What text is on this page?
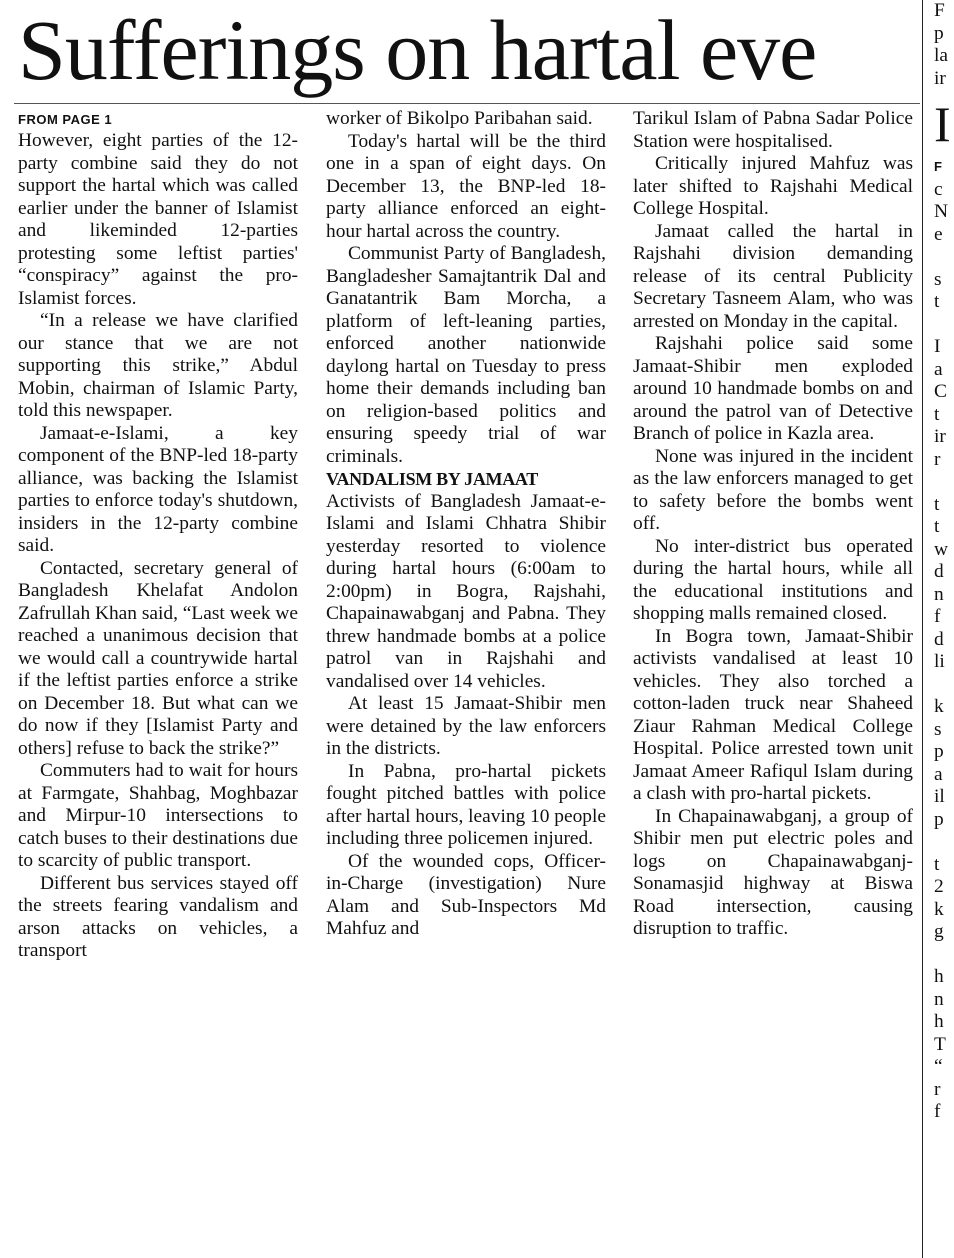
Sufferings on hartal eve
FROM PAGE 1

However, eight parties of the 12-party combine said they do not support the hartal which was called earlier under the banner of Islamist and likeminded 12-parties protesting some leftist parties' “conspiracy” against the pro-Islamist forces.

“In a release we have clarified our stance that we are not supporting this strike,” Abdul Mobin, chairman of Islamic Party, told this newspaper.

Jamaat-e-Islami, a key component of the BNP-led 18-party alliance, was backing the Islamist parties to enforce today's shutdown, insiders in the 12-party combine said.

Contacted, secretary general of Bangladesh Khelafat Andolon Zafrullah Khan said, “Last week we reached a unanimous decision that we would call a countrywide hartal if the leftist parties enforce a strike on December 18. But what can we do now if they [Islamist Party and others] refuse to back the strike?”

Commuters had to wait for hours at Farmgate, Shahbag, Moghbazar and Mirpur-10 intersections to catch buses to their destinations due to scarcity of public transport.

Different bus services stayed off the streets fearing vandalism and arson attacks on vehicles, a transport

worker of Bikolpo Paribahan said.

Today's hartal will be the third one in a span of eight days. On December 13, the BNP-led 18-party alliance enforced an eight-hour hartal across the country.

Communist Party of Bangladesh, Bangladesher Samajtantrik Dal and Ganatantrik Bam Morcha, a platform of left-leaning parties, enforced another nationwide daylong hartal on Tuesday to press home their demands including ban on religion-based politics and ensuring speedy trial of war criminals.

VANDALISM BY JAMAAT

Activists of Bangladesh Jamaat-e-Islami and Islami Chhatra Shibir yesterday resorted to violence during hartal hours (6:00am to 2:00pm) in Bogra, Rajshahi, Chapainawabganj and Pabna. They threw handmade bombs at a police patrol van in Rajshahi and vandalised over 14 vehicles.

At least 15 Jamaat-Shibir men were detained by the law enforcers in the districts.

In Pabna, pro-hartal pickets fought pitched battles with police after hartal hours, leaving 10 people including three policemen injured.

Of the wounded cops, Officer-in-Charge (investigation) Nure Alam and Sub-Inspectors Md Mahfuz and

Tarikul Islam of Pabna Sadar Police Station were hospitalised.

Critically injured Mahfuz was later shifted to Rajshahi Medical College Hospital.

Jamaat called the hartal in Rajshahi division demanding release of its central Publicity Secretary Tasneem Alam, who was arrested on Monday in the capital.

Rajshahi police said some Jamaat-Shibir men exploded around 10 handmade bombs on and around the patrol van of Detective Branch of police in Kazla area.

None was injured in the incident as the law enforcers managed to get to safety before the bombs went off.

No inter-district bus operated during the hartal hours, while all the educational institutions and shopping malls remained closed.

In Bogra town, Jamaat-Shibir activists vandalised at least 10 vehicles. They also torched a cotton-laden truck near Shaheed Ziaur Rahman Medical College Hospital. Police arrested town unit Jamaat Ameer Rafiqul Islam during a clash with pro-hartal pickets.

In Chapainawabganj, a group of Shibir men put electric poles and logs on Chapainawabganj-Sonamasjid highway at Biswa Road intersection, causing disruption to traffic.

F
p
la
ir
I
F
c
N
e
s
t
I
a
C
t
ir
r
t
t
w
d
n
f
d
li
k
s
p
a
il
p
t
2
k
g
h
n
h
T
“
r
f
